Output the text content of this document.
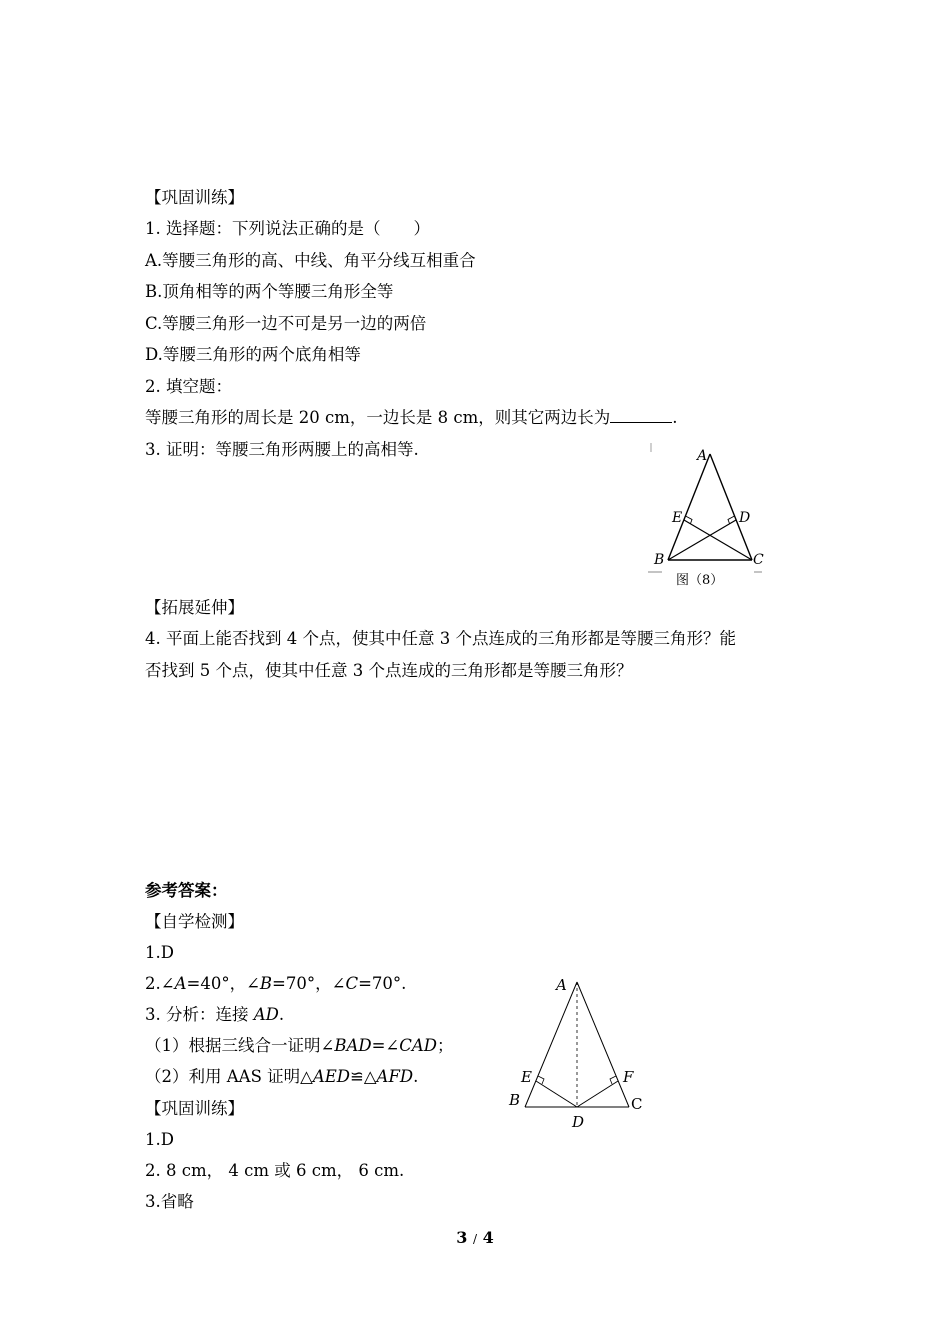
【巩固训练】
1. 选择题：下列说法正确的是（　　）
A.等腰三角形的高、中线、角平分线互相重合
B.顶角相等的两个等腰三角形全等
C.等腰三角形一边不可是另一边的两倍
D.等腰三角形的两个底角相等
2. 填空题：
等腰三角形的周长是 20 cm，一边长是 8 cm，则其它两边长为	.
3. 证明：等腰三角形两腰上的高相等.	A
E	D
B	C
图（8）
【拓展延伸】
4. 平面上能否找到 4 个点，使其中任意 3 个点连成的三角形都是等腰三角形？能
否找到 5 个点，使其中任意 3 个点连成的三角形都是等腰三角形？
参考答案：
【自学检测】
1.D
2.∠A=40°，∠B=70°，∠C=70°.
3. 分析：连接 AD.
（1）根据三线合一证明∠BAD=∠CAD；
（2）利用 AAS 证明△AED≌△AFD.
【巩固训练】
1.D
2. 8 cm， 4 cm 或 6 cm， 6 cm.
3.省略
A
E	F
B	C
D
3 / 4
